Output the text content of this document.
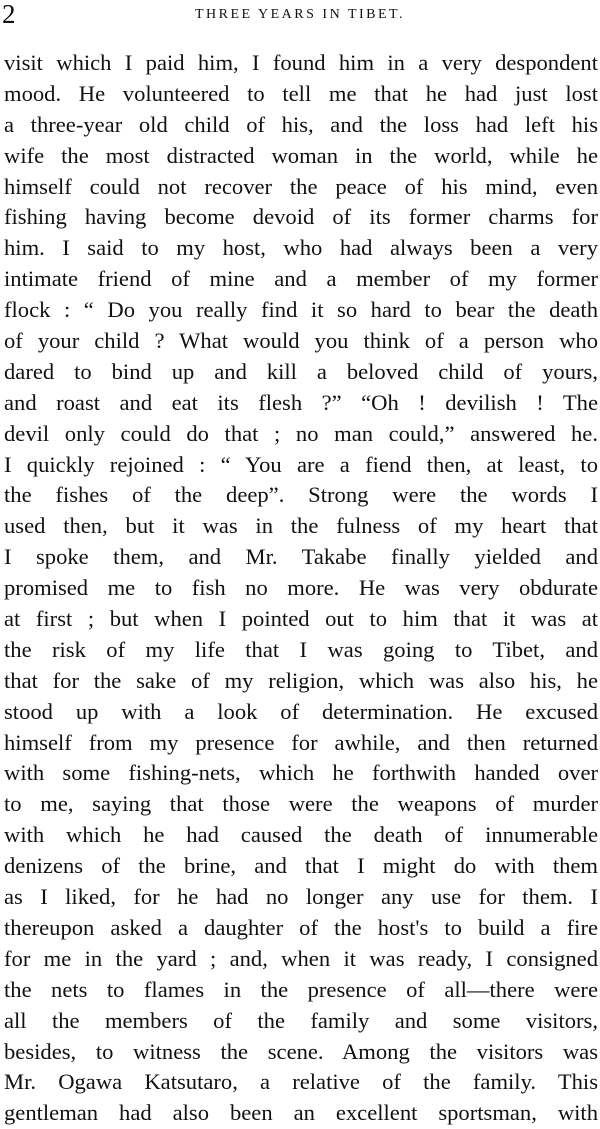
2	THREE YEARS IN TIBET.
visit which I paid him, I found him in a very despondent
mood. He volunteered to tell me that he had just lost
a three-year old child of his, and the loss had left his
wife the most distracted woman in the world, while he
himself could not recover the peace of his mind, even
fishing having become devoid of its former charms for
him. I said to my host, who had always been a very
intimate friend of mine and a member of my former
flock : “ Do you really find it so hard to bear the death
of your child ? What would you think of a person who
dared to bind up and kill a beloved child of yours,
and roast and eat its flesh ?” “Oh ! devilish ! The
devil only could do that ; no man could,” answered he.
I quickly rejoined : “ You are a fiend then, at least, to
the fishes of the deep”. Strong were the words I
used then, but it was in the fulness of my heart that
I spoke them, and Mr. Takabe finally yielded and
promised me to fish no more. He was very obdurate
at first ; but when I pointed out to him that it was at
the risk of my life that I was going to Tibet, and
that for the sake of my religion, which was also his, he
stood up with a look of determination. He excused
himself from my presence for awhile, and then returned
with some fishing-nets, which he forthwith handed over
to me, saying that those were the weapons of murder
with which he had caused the death of innumerable
denizens of the brine, and that I might do with them
as I liked, for he had no longer any use for them. I
thereupon asked a daughter of the host's to build a fire
for me in the yard ; and, when it was ready, I consigned
the nets to flames in the presence of all—there were
all the members of the family and some visitors,
besides, to witness the scene. Among the visitors was
Mr. Ogawa Katsutaro, a relative of the family. This
gentleman had also been an excellent sportsman, with
